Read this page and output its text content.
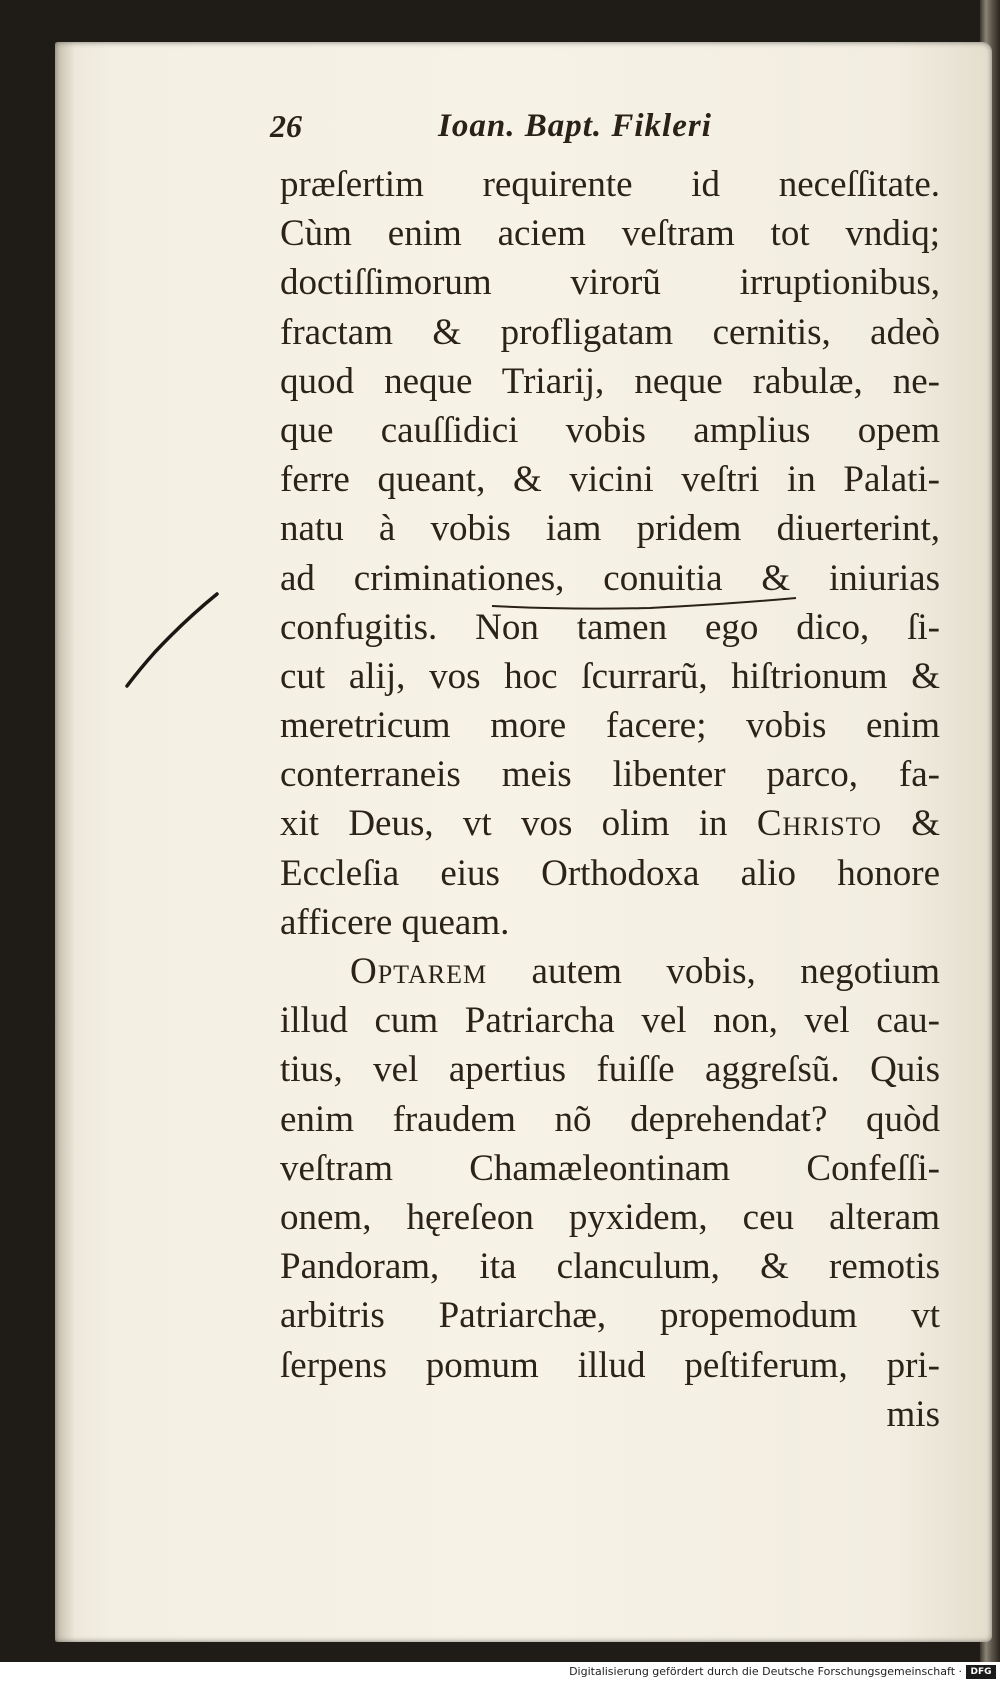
26	Ioan. Bapt. Fikleri
præſertim requirente id neceſſitate.
Cùm enim aciem veſtram tot vndiq;
doctiſſimorum virorũ irruptionibus,
fractam & profligatam cernitis, adeò
quod neque Triarij, neque rabulæ, ne-
que cauſſidici vobis amplius opem
ferre queant, & vicini veſtri in Palati-
natu à vobis iam pridem diuerterint,
ad criminationes, conuitia & iniurias
confugitis. Non tamen ego dico, ſi-
cut alij, vos hoc ſcurrarũ, hiſtrionum &
meretricum more facere; vobis enim
conterraneis meis libenter parco, fa-
xit Deus, vt vos olim in Christo &
Eccleſia eius Orthodoxa alio honore
afficere queam.
Optarem autem vobis, negotium
illud cum Patriarcha vel non, vel cau-
tius, vel apertius fuiſſe aggreſsũ. Quis
enim fraudem nõ deprehendat? quòd
veſtram Chamæleontinam Confeſſi-
onem, hęreſeon pyxidem, ceu alteram
Pandoram, ita clanculum, & remotis
arbitris Patriarchæ, propemodum vt
ſerpens pomum illud peſtiferum, pri-
mis
Digitalisierung gefördert durch die Deutsche Forschungsgemeinschaft · DFG
